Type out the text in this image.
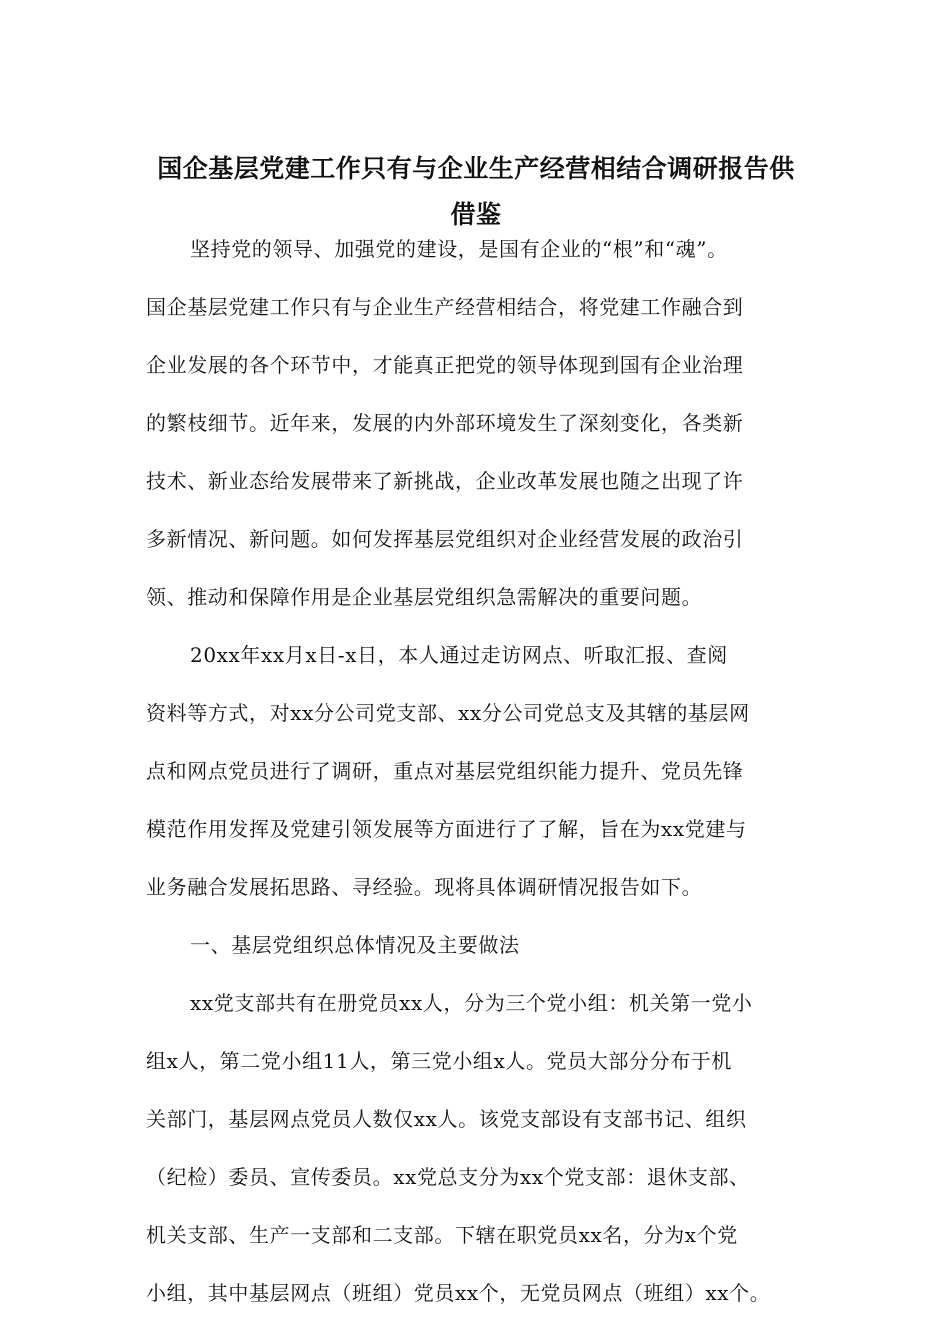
国企基层党建工作只有与企业生产经营相结合调研报告供
借鉴

坚持党的领导、加强党的建设，是国有企业的“根”和“魂”。
国企基层党建工作只有与企业生产经营相结合，将党建工作融合到
企业发展的各个环节中，才能真正把党的领导体现到国有企业治理
的繁枝细节。近年来，发展的内外部环境发生了深刻变化，各类新
技术、新业态给发展带来了新挑战，企业改革发展也随之出现了许
多新情况、新问题。如何发挥基层党组织对企业经营发展的政治引
领、推动和保障作用是企业基层党组织急需解决的重要问题。

20xx年xx月x日-x日，本人通过走访网点、听取汇报、查阅
资料等方式，对xx分公司党支部、xx分公司党总支及其辖的基层网
点和网点党员进行了调研，重点对基层党组织能力提升、党员先锋
模范作用发挥及党建引领发展等方面进行了了解，旨在为xx党建与
业务融合发展拓思路、寻经验。现将具体调研情况报告如下。

一、基层党组织总体情况及主要做法

xx党支部共有在册党员xx人，分为三个党小组：机关第一党小
组x人，第二党小组11人，第三党小组x人。党员大部分分布于机
关部门，基层网点党员人数仅xx人。该党支部设有支部书记、组织
（纪检）委员、宣传委员。xx党总支分为xx个党支部：退休支部、
机关支部、生产一支部和二支部。下辖在职党员xx名，分为x个党
小组，其中基层网点（班组）党员xx个，无党员网点（班组）xx个。
